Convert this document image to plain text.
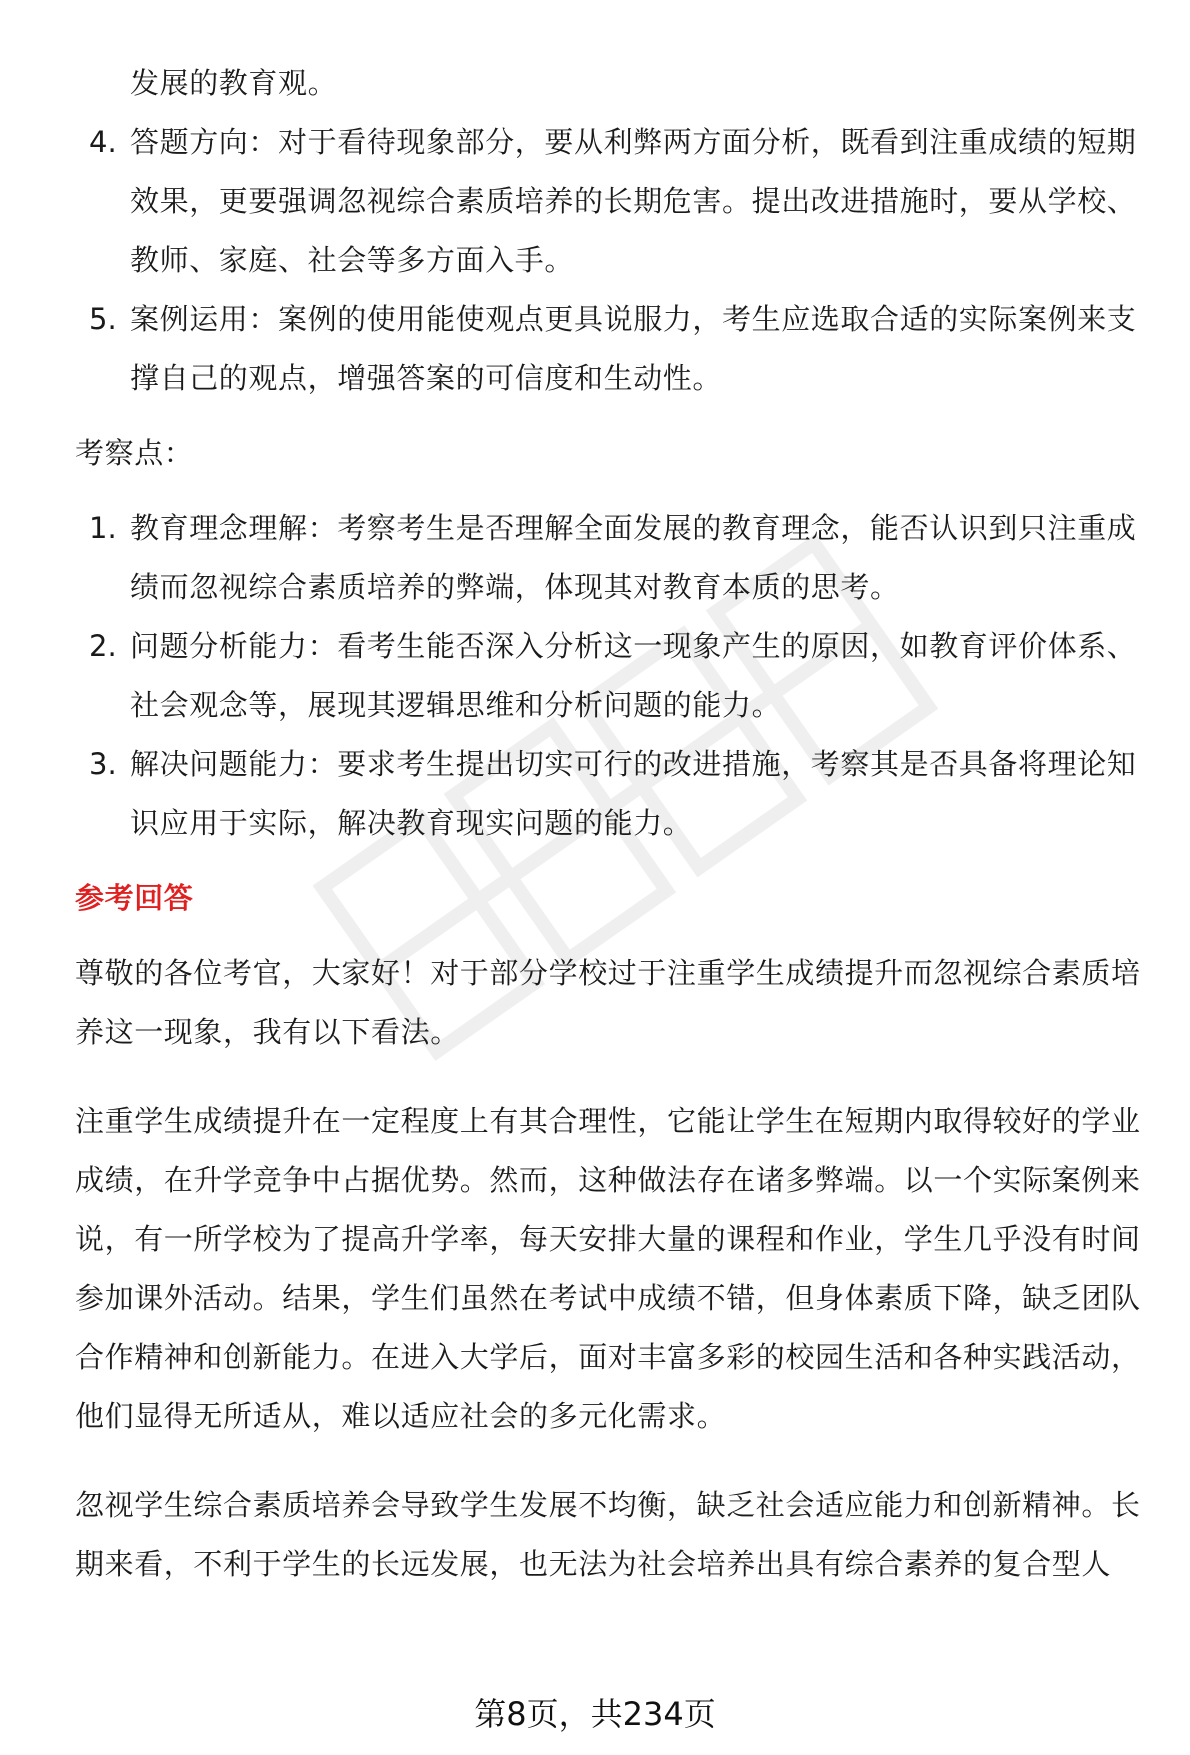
发展的教育观。

4. 答题方向：对于看待现象部分，要从利弊两方面分析，既看到注重成绩的短期
效果，更要强调忽视综合素质培养的长期危害。提出改进措施时，要从学校、
教师、家庭、社会等多方面入手。
5. 案例运用：案例的使用能使观点更具说服力，考生应选取合适的实际案例来支
撑自己的观点，增强答案的可信度和生动性。

考察点：

1. 教育理念理解：考察考生是否理解全面发展的教育理念，能否认识到只注重成
绩而忽视综合素质培养的弊端，体现其对教育本质的思考。
2. 问题分析能力：看考生能否深入分析这一现象产生的原因，如教育评价体系、
社会观念等，展现其逻辑思维和分析问题的能力。
3. 解决问题能力：要求考生提出切实可行的改进措施，考察其是否具备将理论知
识应用于实际，解决教育现实问题的能力。

参考回答

尊敬的各位考官，大家好！对于部分学校过于注重学生成绩提升而忽视综合素质培
养这一现象，我有以下看法。

注重学生成绩提升在一定程度上有其合理性，它能让学生在短期内取得较好的学业
成绩，在升学竞争中占据优势。然而，这种做法存在诸多弊端。以一个实际案例来
说，有一所学校为了提高升学率，每天安排大量的课程和作业，学生几乎没有时间
参加课外活动。结果，学生们虽然在考试中成绩不错，但身体素质下降，缺乏团队
合作精神和创新能力。在进入大学后，面对丰富多彩的校园生活和各种实践活动，
他们显得无所适从，难以适应社会的多元化需求。

忽视学生综合素质培养会导致学生发展不均衡，缺乏社会适应能力和创新精神。长
期来看，不利于学生的长远发展，也无法为社会培养出具有综合素养的复合型人

第8页，共234页
